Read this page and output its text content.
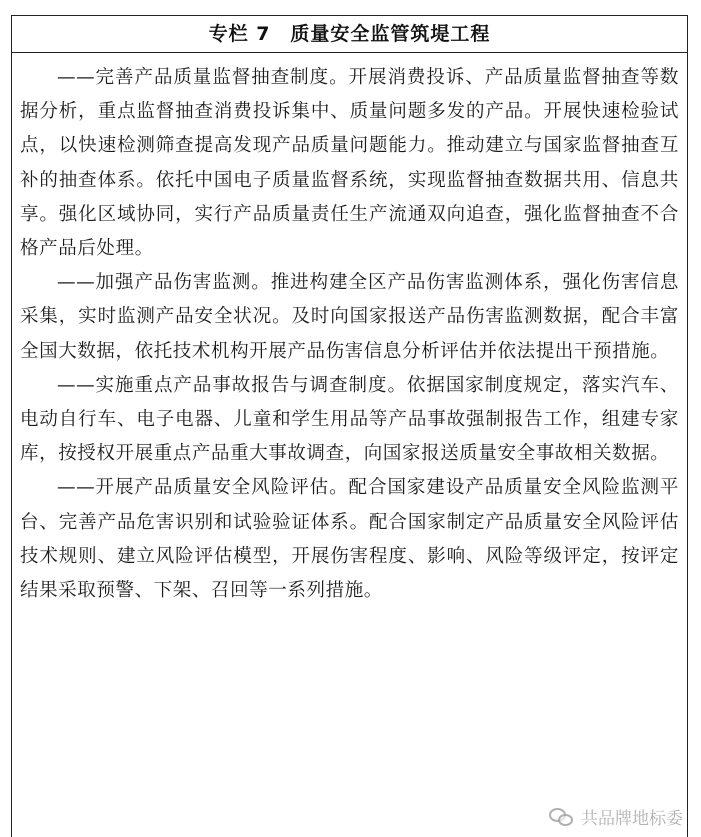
专栏 7　质量安全监管筑堤工程

——完善产品质量监督抽查制度。开展消费投诉、产品质量监督抽查等数据分析，重点监督抽查消费投诉集中、质量问题多发的产品。开展快速检验试点，以快速检测筛查提高发现产品质量问题能力。推动建立与国家监督抽查互补的抽查体系。依托中国电子质量监督系统，实现监督抽查数据共用、信息共享。强化区域协同，实行产品质量责任生产流通双向追查，强化监督抽查不合格产品后处理。

——加强产品伤害监测。推进构建全区产品伤害监测体系，强化伤害信息采集，实时监测产品安全状况。及时向国家报送产品伤害监测数据，配合丰富全国大数据，依托技术机构开展产品伤害信息分析评估并依法提出干预措施。

——实施重点产品事故报告与调查制度。依据国家制度规定，落实汽车、电动自行车、电子电器、儿童和学生用品等产品事故强制报告工作，组建专家库，按授权开展重点产品重大事故调查，向国家报送质量安全事故相关数据。

——开展产品质量安全风险评估。配合国家建设产品质量安全风险监测平台、完善产品危害识别和试验验证体系。配合国家制定产品质量安全风险评估技术规则、建立风险评估模型，开展伤害程度、影响、风险等级评定，按评定结果采取预警、下架、召回等一系列措施。

共品牌地标委
